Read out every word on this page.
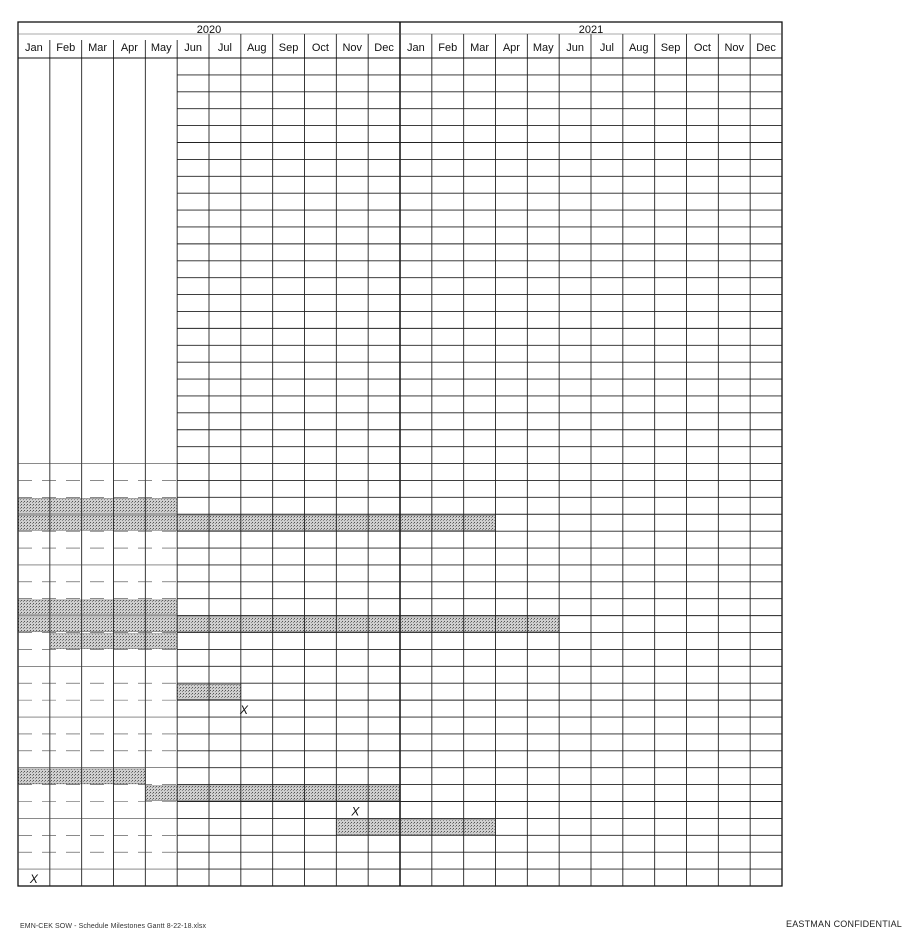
2020	2021
Jan Feb Mar Apr May Jun Jul Aug Sep Oct Nov Dec Jan Feb Mar Apr May Jun Jul Aug Sep Oct Nov Dec
X
X
X
EMN-CEK SOW - Schedule Milestones Gantt 8-22-18.xlsx	EASTMAN CONFIDENTIAL
